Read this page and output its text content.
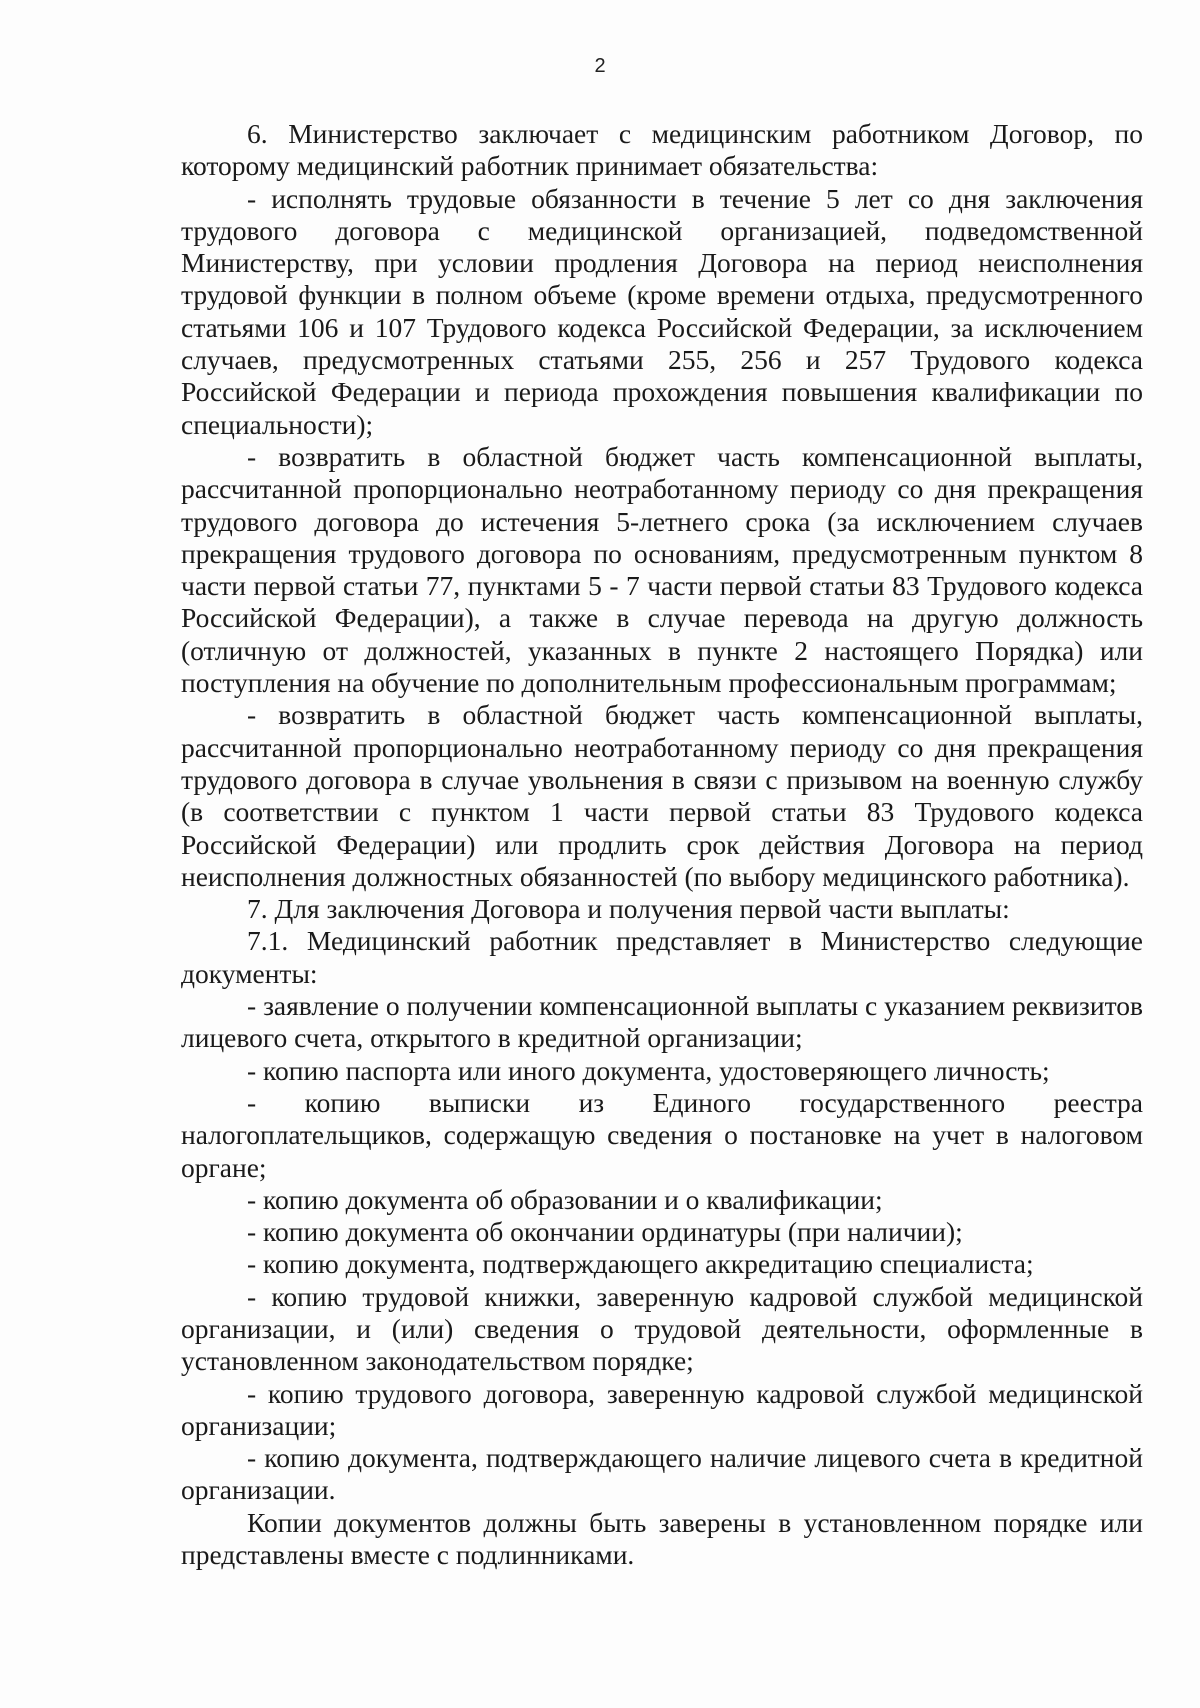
2

6. Министерство заключает с медицинским работником Договор, по которому медицинский работник принимает обязательства:

- исполнять трудовые обязанности в течение 5 лет со дня заключения трудового договора с медицинской организацией, подведомственной Министерству, при условии продления Договора на период неисполнения трудовой функции в полном объеме (кроме времени отдыха, предусмотренного статьями 106 и 107 Трудового кодекса Российской Федерации, за исключением случаев, предусмотренных статьями 255, 256 и 257 Трудового кодекса Российской Федерации и периода прохождения повышения квалификации по специальности);

- возвратить в областной бюджет часть компенсационной выплаты, рассчитанной пропорционально неотработанному периоду со дня прекращения трудового договора до истечения 5-летнего срока (за исключением случаев прекращения трудового договора по основаниям, предусмотренным пунктом 8 части первой статьи 77, пунктами 5 - 7 части первой статьи 83 Трудового кодекса Российской Федерации), а также в случае перевода на другую должность (отличную от должностей, указанных в пункте 2 настоящего Порядка) или поступления на обучение по дополнительным профессиональным программам;

- возвратить в областной бюджет часть компенсационной выплаты, рассчитанной пропорционально неотработанному периоду со дня прекращения трудового договора в случае увольнения в связи с призывом на военную службу (в соответствии с пунктом 1 части первой статьи 83 Трудового кодекса Российской Федерации) или продлить срок действия Договора на период неисполнения должностных обязанностей (по выбору медицинского работника).

7. Для заключения Договора и получения первой части выплаты:

7.1. Медицинский работник представляет в Министерство следующие документы:

- заявление о получении компенсационной выплаты с указанием реквизитов лицевого счета, открытого в кредитной организации;

- копию паспорта или иного документа, удостоверяющего личность;

- копию выписки из Единого государственного реестра налогоплательщиков, содержащую сведения о постановке на учет в налоговом органе;

- копию документа об образовании и о квалификации;

- копию документа об окончании ординатуры (при наличии);

- копию документа, подтверждающего аккредитацию специалиста;

- копию трудовой книжки, заверенную кадровой службой медицинской организации, и (или) сведения о трудовой деятельности, оформленные в установленном законодательством порядке;

- копию трудового договора, заверенную кадровой службой медицинской организации;

- копию документа, подтверждающего наличие лицевого счета в кредитной организации.

Копии документов должны быть заверены в установленном порядке или представлены вместе с подлинниками.
